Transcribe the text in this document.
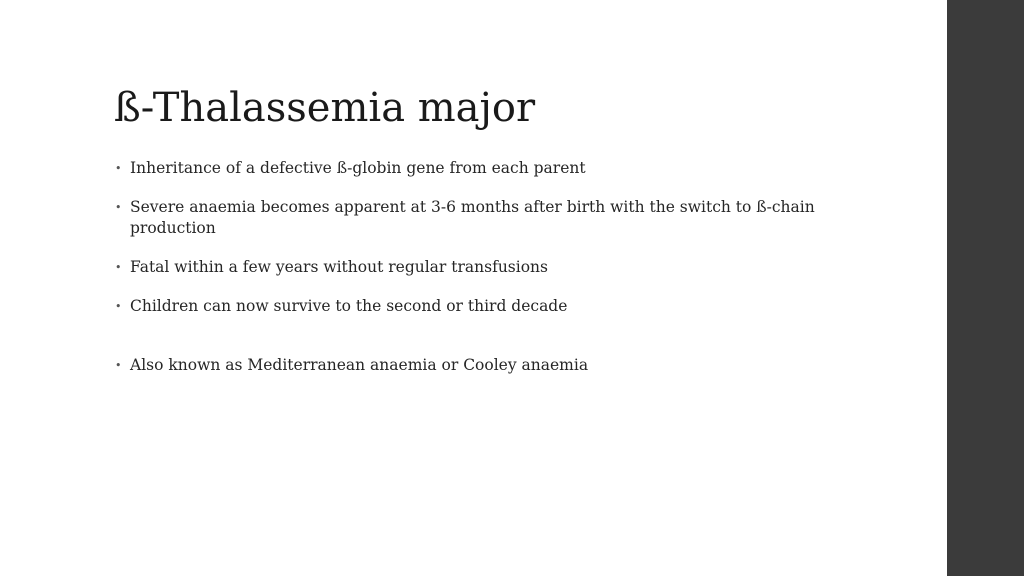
ß-Thalassemia major
• Inheritance of a defective ß-globin gene from each parent
• Severe anaemia becomes apparent at 3-6 months after birth with the switch to ß-chain production
• Fatal within a few years without regular transfusions
• Children can now survive to the second or third decade
• Also known as Mediterranean anaemia or Cooley anaemia
